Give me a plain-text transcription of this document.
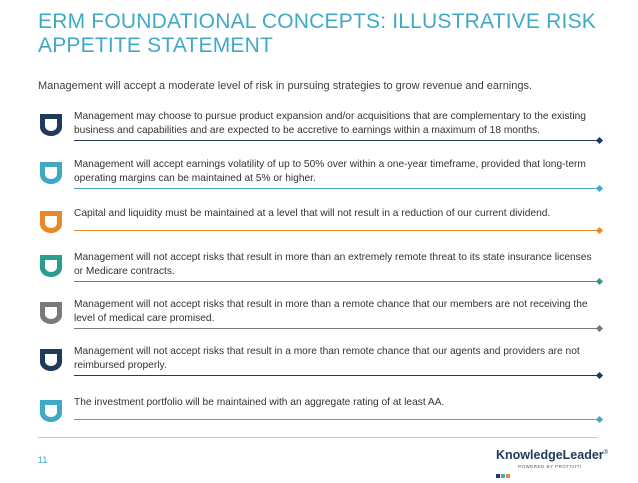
ERM FOUNDATIONAL CONCEPTS: ILLUSTRATIVE RISK
APPETITE STATEMENT
Management will accept a moderate level of risk in pursuing strategies to grow revenue and earnings.
Management may choose to pursue product expansion and/or acquisitions that are complementary to the existing business and capabilities and are expected to be accretive to earnings within a maximum of 18 months.
Management will accept earnings volatility of up to 50% over within a one-year timeframe, provided that long-term operating margins can be maintained at 5% or higher.
Capital and liquidity must be maintained at a level that will not result in a reduction of our current dividend.
Management will not accept risks that result in more than an extremely remote threat to its state insurance licenses or Medicare contracts.
Management will not accept risks that result in more than a remote chance that our members are not receiving the level of medical care promised.
Management will not accept risks that result in a more than remote chance that our agents and providers are not reimbursed properly.
The investment portfolio will be maintained with an aggregate rating of at least AA.
11	KnowledgeLeader®
POWERED BY PROTIVITI
